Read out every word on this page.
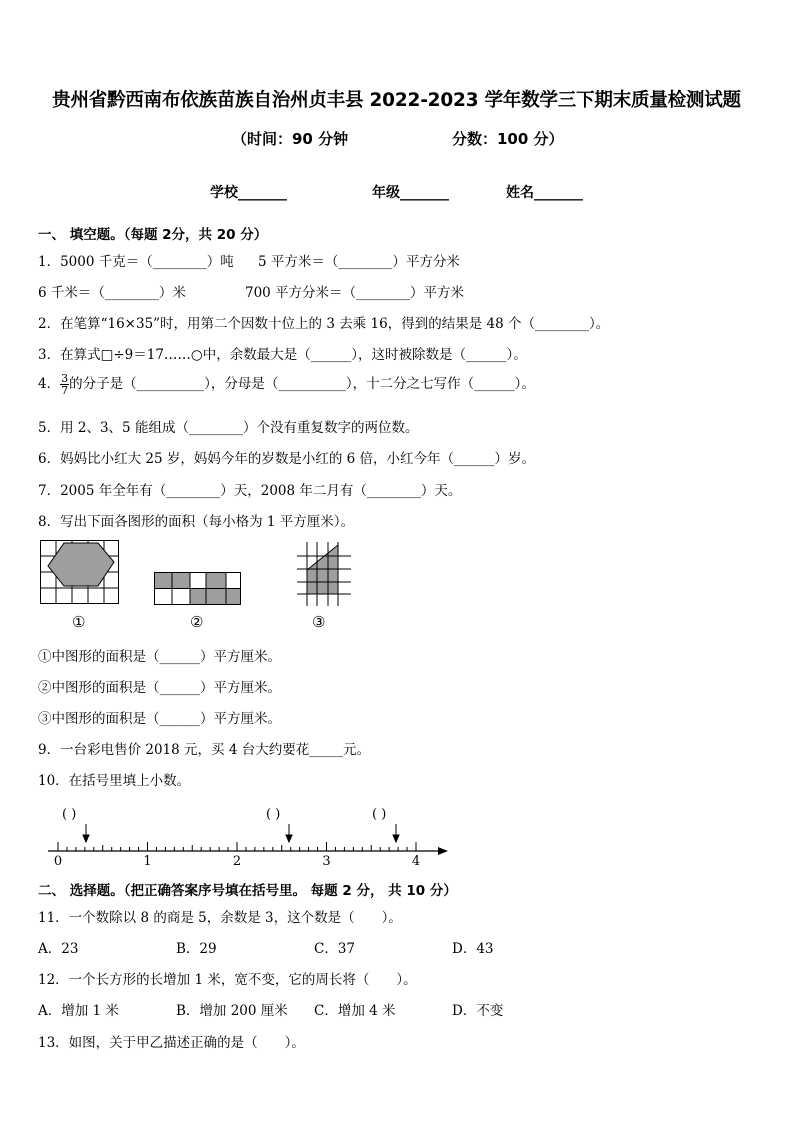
贵州省黔西南布依族苗族自治州贞丰县 2022-2023 学年数学三下期末质量检测试题
（时间：90 分钟	分数：100 分）
学校_______	年级_______	姓名_______
一、 填空题。（每题 2分，共 20 分）
1．5000 千克＝（________）吨 5 平方米＝（________）平方分米
6 千米＝（________）米	700 平方分米＝（________）平方米
2．在笔算“16×35”时，用第二个因数十位上的 3 去乘 16，得到的结果是 48 个（________）。
3．在算式□÷9＝17……○中，余数最大是（______），这时被除数是（______）。
4． $\frac{3}{7}$ 的分子是（__________），分母是（__________），十二分之七写作（______）。
5．用 2、3、5 能组成（________）个没有重复数字的两位数。
6．妈妈比小红大 25 岁，妈妈今年的岁数是小红的 6 倍，小红今年（______）岁。
7．2005 年全年有（________）天，2008 年二月有（________）天。
8．写出下面各图形的面积（每小格为 1 平方厘米）。
①	②	③
①中图形的面积是（______）平方厘米。
②中图形的面积是（______）平方厘米。
③中图形的面积是（______）平方厘米。
9．一台彩电售价 2018 元，买 4 台大约要花_____元。
10．在括号里填上小数。
0	1	2	3	4
( )	( )	( )
二、 选择题。（把正确答案序号填在括号里。 每题 2 分， 共 10 分）
11．一个数除以 8 的商是 5，余数是 3，这个数是（　　）。
A．23	B．29	C．37	D．43
12．一个长方形的长增加 1 米，宽不变，它的周长将（　　）。
A．增加 1 米	B．增加 200 厘米 C．增加 4 米	D．不变
13．如图，关于甲乙描述正确的是（　　）。
